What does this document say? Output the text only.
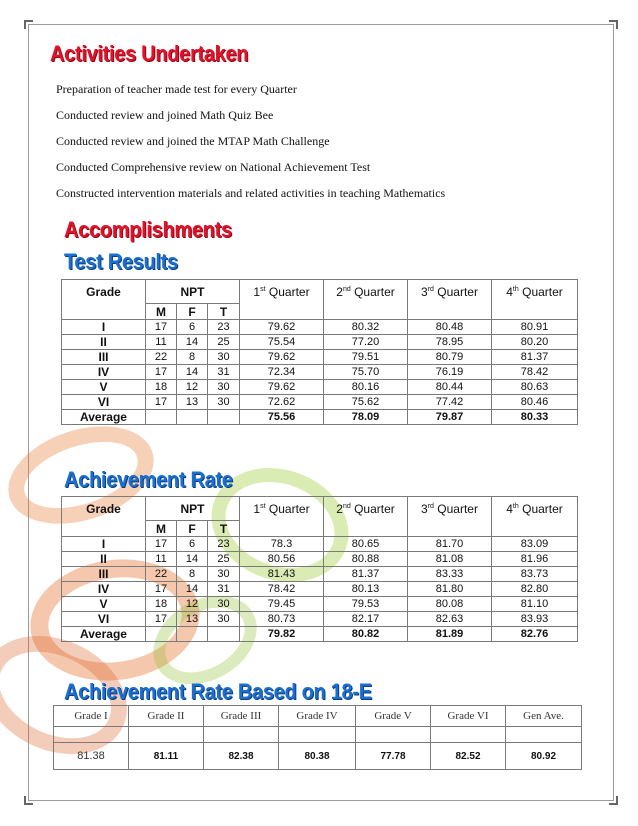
Activities Undertaken
Preparation of teacher made test for every Quarter
Conducted review and joined Math Quiz Bee
Conducted review and joined the MTAP Math Challenge
Conducted Comprehensive review on National Achievement Test
Constructed intervention materials and related activities in teaching Mathematics
Accomplishments
Test Results
Grade	NPT			1st Quarter	2nd Quarter	3rd Quarter	4th Quarter
	M	F	T				
I	17	6	23	79.62	80.32	80.48	80.91
II	11	14	25	75.54	77.20	78.95	80.20
III	22	8	30	79.62	79.51	80.79	81.37
IV	17	14	31	72.34	75.70	76.19	78.42
V	18	12	30	79.62	80.16	80.44	80.63
VI	17	13	30	72.62	75.62	77.42	80.46
Average				75.56	78.09	79.87	80.33
Achievement Rate
Grade	NPT			1st Quarter	2nd Quarter	3rd Quarter	4th Quarter
	M	F	T				
I	17	6	23	78.3	80.65	81.70	83.09
II	11	14	25	80.56	80.88	81.08	81.96
III	22	8	30	81.43	81.37	83.33	83.73
IV	17	14	31	78.42	80.13	81.80	82.80
V	18	12	30	79.45	79.53	80.08	81.10
VI	17	13	30	80.73	82.17	82.63	83.93
Average				79.82	80.82	81.89	82.76
Achievement Rate Based on 18-E
Grade I	Grade II	Grade III	Grade IV	Grade V	Grade VI	Gen Ave.

81.38	81.11	82.38	80.38	77.78	82.52	80.92
